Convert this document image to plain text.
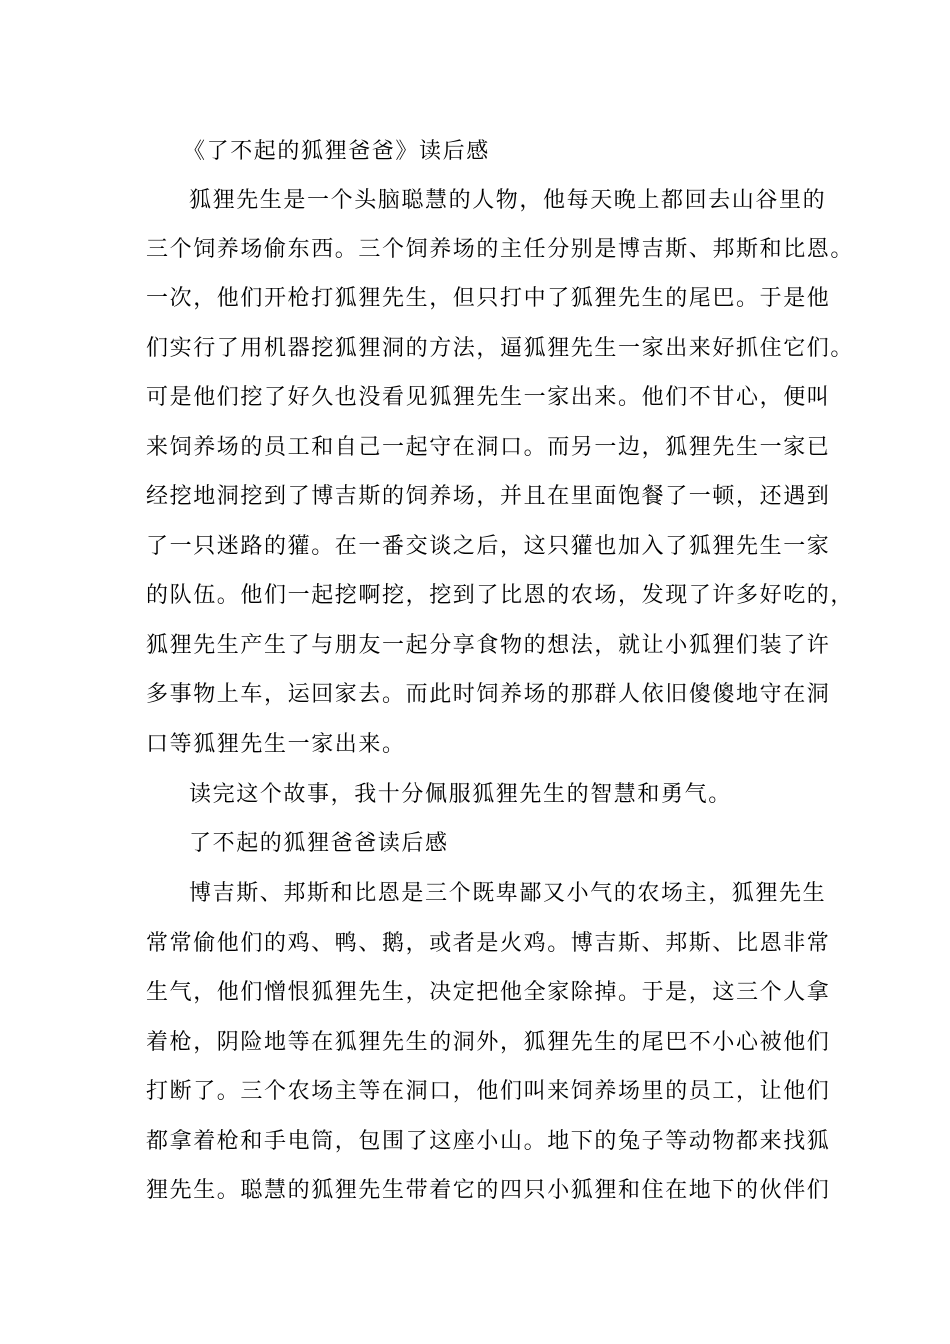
《了不起的狐狸爸爸》读后感
狐狸先生是一个头脑聪慧的人物，他每天晚上都回去山谷里的
三个饲养场偷东西。三个饲养场的主任分别是博吉斯、邦斯和比恩。
一次，他们开枪打狐狸先生，但只打中了狐狸先生的尾巴。于是他
们实行了用机器挖狐狸洞的方法，逼狐狸先生一家出来好抓住它们。
可是他们挖了好久也没看见狐狸先生一家出来。他们不甘心，便叫
来饲养场的员工和自己一起守在洞口。而另一边，狐狸先生一家已
经挖地洞挖到了博吉斯的饲养场，并且在里面饱餐了一顿，还遇到
了一只迷路的獾。在一番交谈之后，这只獾也加入了狐狸先生一家
的队伍。他们一起挖啊挖，挖到了比恩的农场，发现了许多好吃的，
狐狸先生产生了与朋友一起分享食物的想法，就让小狐狸们装了许
多事物上车，运回家去。而此时饲养场的那群人依旧傻傻地守在洞
口等狐狸先生一家出来。
读完这个故事，我十分佩服狐狸先生的智慧和勇气。
了不起的狐狸爸爸读后感
博吉斯、邦斯和比恩是三个既卑鄙又小气的农场主，狐狸先生
常常偷他们的鸡、鸭、鹅，或者是火鸡。博吉斯、邦斯、比恩非常
生气，他们憎恨狐狸先生，决定把他全家除掉。于是，这三个人拿
着枪，阴险地等在狐狸先生的洞外，狐狸先生的尾巴不小心被他们
打断了。三个农场主等在洞口，他们叫来饲养场里的员工，让他们
都拿着枪和手电筒，包围了这座小山。地下的兔子等动物都来找狐
狸先生。聪慧的狐狸先生带着它的四只小狐狸和住在地下的伙伴们
